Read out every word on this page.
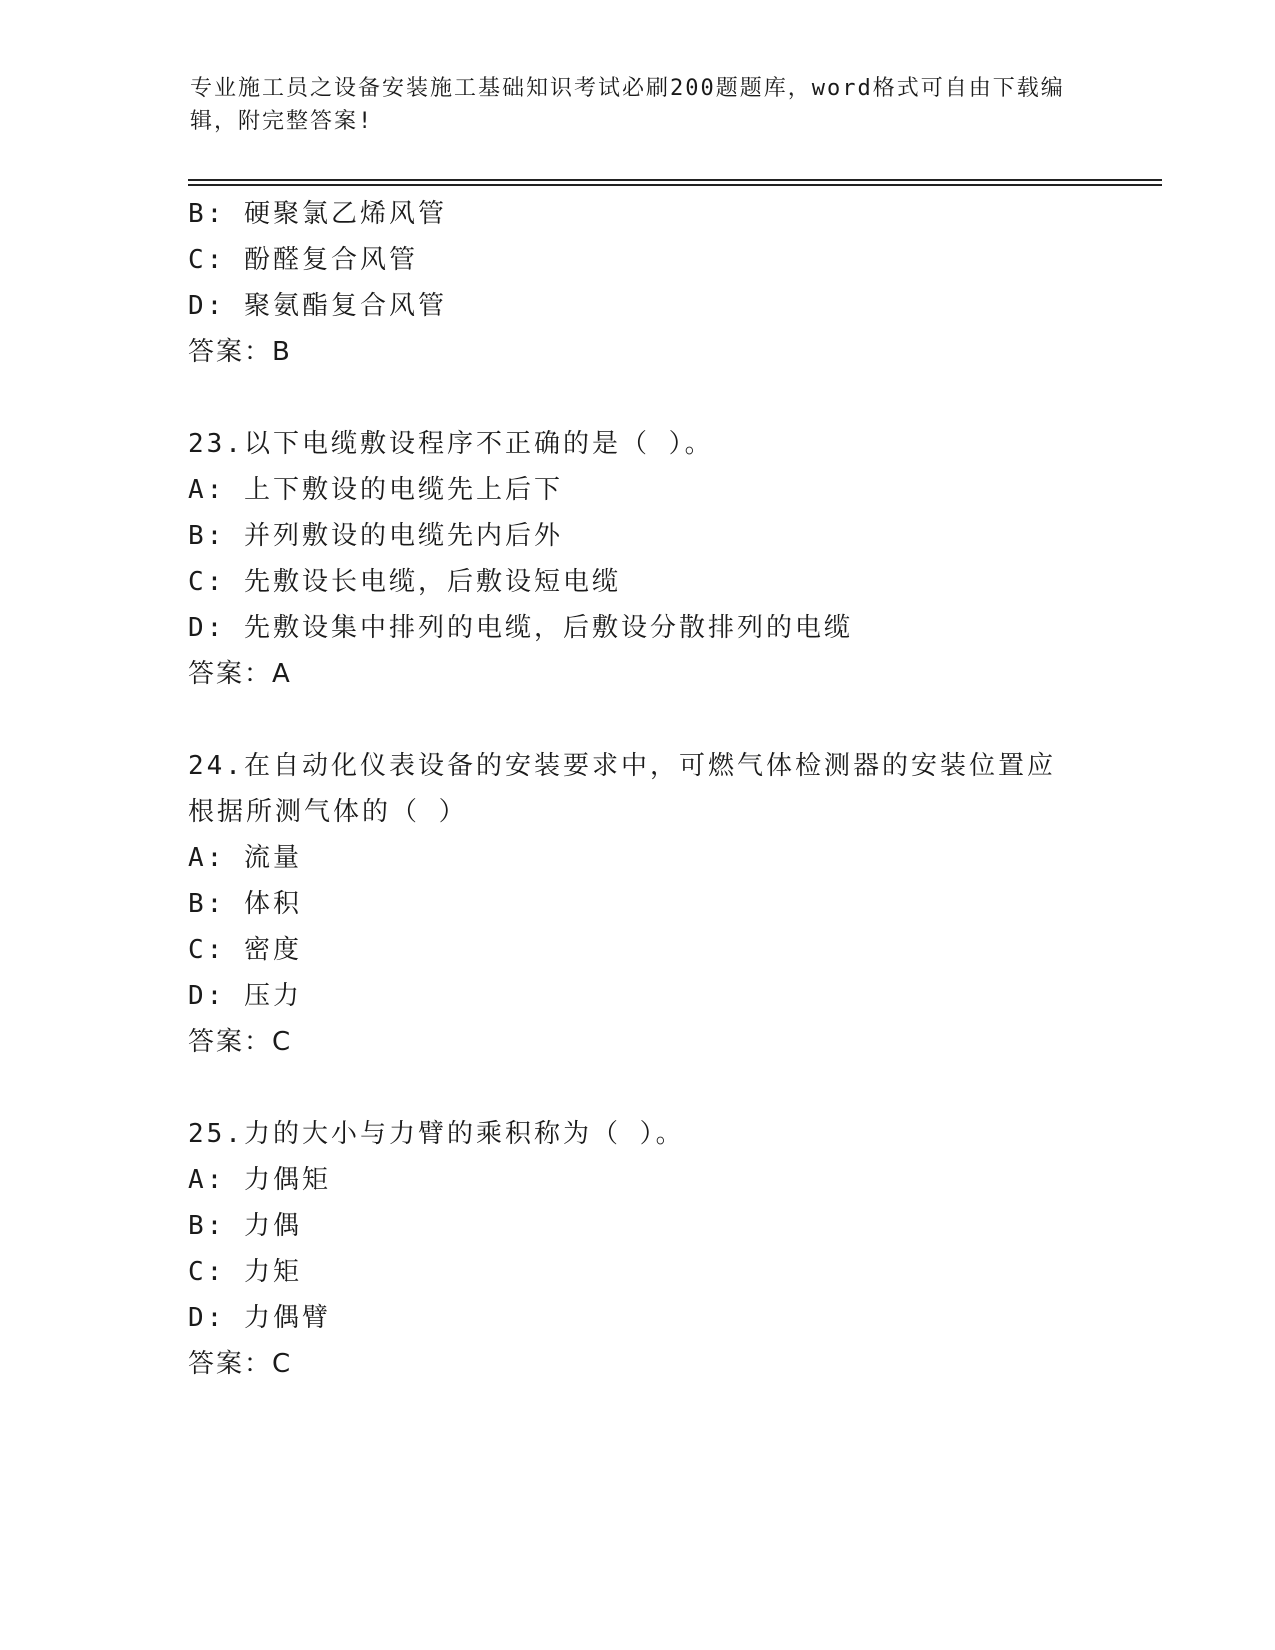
专业施工员之设备安装施工基础知识考试必刷200题题库，word格式可自由下载编辑，附完整答案!
B: 硬聚氯乙烯风管
C: 酚醛复合风管
D: 聚氨酯复合风管
答案：B
23.以下电缆敷设程序不正确的是（ ）。
A: 上下敷设的电缆先上后下
B: 并列敷设的电缆先内后外
C: 先敷设长电缆，后敷设短电缆
D: 先敷设集中排列的电缆，后敷设分散排列的电缆
答案：A
24.在自动化仪表设备的安装要求中，可燃气体检测器的安装位置应根据所测气体的（ ）
A: 流量
B: 体积
C: 密度
D: 压力
答案：C
25.力的大小与力臂的乘积称为（ ）。
A: 力偶矩
B: 力偶
C: 力矩
D: 力偶臂
答案：C
